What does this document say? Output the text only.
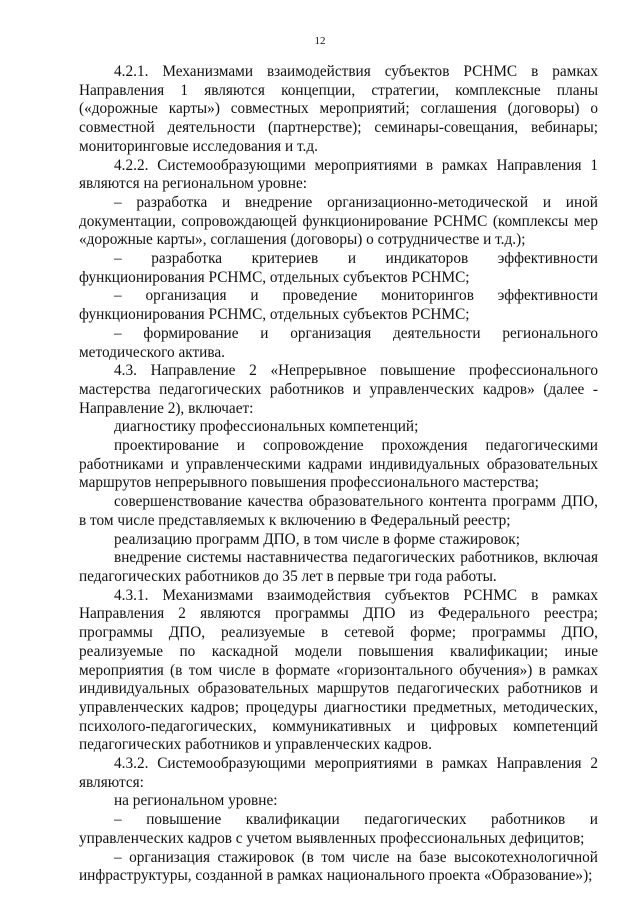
12

4.2.1. Механизмами взаимодействия субъектов РСНМС в рамках Направления 1 являются концепции, стратегии, комплексные планы («дорожные карты») совместных мероприятий; соглашения (договоры) о совместной деятельности (партнерстве); семинары-совещания, вебинары; мониторинговые исследования и т.д.

4.2.2. Системообразующими мероприятиями в рамках Направления 1 являются на региональном уровне:

– разработка и внедрение организационно-методической и иной документации, сопровождающей функционирование РСНМС (комплексы мер «дорожные карты», соглашения (договоры) о сотрудничестве и т.д.);

– разработка критериев и индикаторов эффективности функционирования РСНМС, отдельных субъектов РСНМС;

– организация и проведение мониторингов эффективности функционирования РСНМС, отдельных субъектов РСНМС;

– формирование и организация деятельности регионального методического актива.

4.3. Направление 2 «Непрерывное повышение профессионального мастерства педагогических работников и управленческих кадров» (далее - Направление 2), включает:

диагностику профессиональных компетенций;

проектирование и сопровождение прохождения педагогическими работниками и управленческими кадрами индивидуальных образовательных маршрутов непрерывного повышения профессионального мастерства;

совершенствование качества образовательного контента программ ДПО, в том числе представляемых к включению в Федеральный реестр;

реализацию программ ДПО, в том числе в форме стажировок;

внедрение системы наставничества педагогических работников, включая педагогических работников до 35 лет в первые три года работы.

4.3.1. Механизмами взаимодействия субъектов РСНМС в рамках Направления 2 являются программы ДПО из Федерального реестра; программы ДПО, реализуемые в сетевой форме; программы ДПО, реализуемые по каскадной модели повышения квалификации; иные мероприятия (в том числе в формате «горизонтального обучения») в рамках индивидуальных образовательных маршрутов педагогических работников и управленческих кадров; процедуры диагностики предметных, методических, психолого-педагогических, коммуникативных и цифровых компетенций педагогических работников и управленческих кадров.

4.3.2. Системообразующими мероприятиями в рамках Направления 2 являются:

на региональном уровне:

– повышение квалификации педагогических работников и управленческих кадров с учетом выявленных профессиональных дефицитов;

– организация стажировок (в том числе на базе высокотехнологичной инфраструктуры, созданной в рамках национального проекта «Образование»);
